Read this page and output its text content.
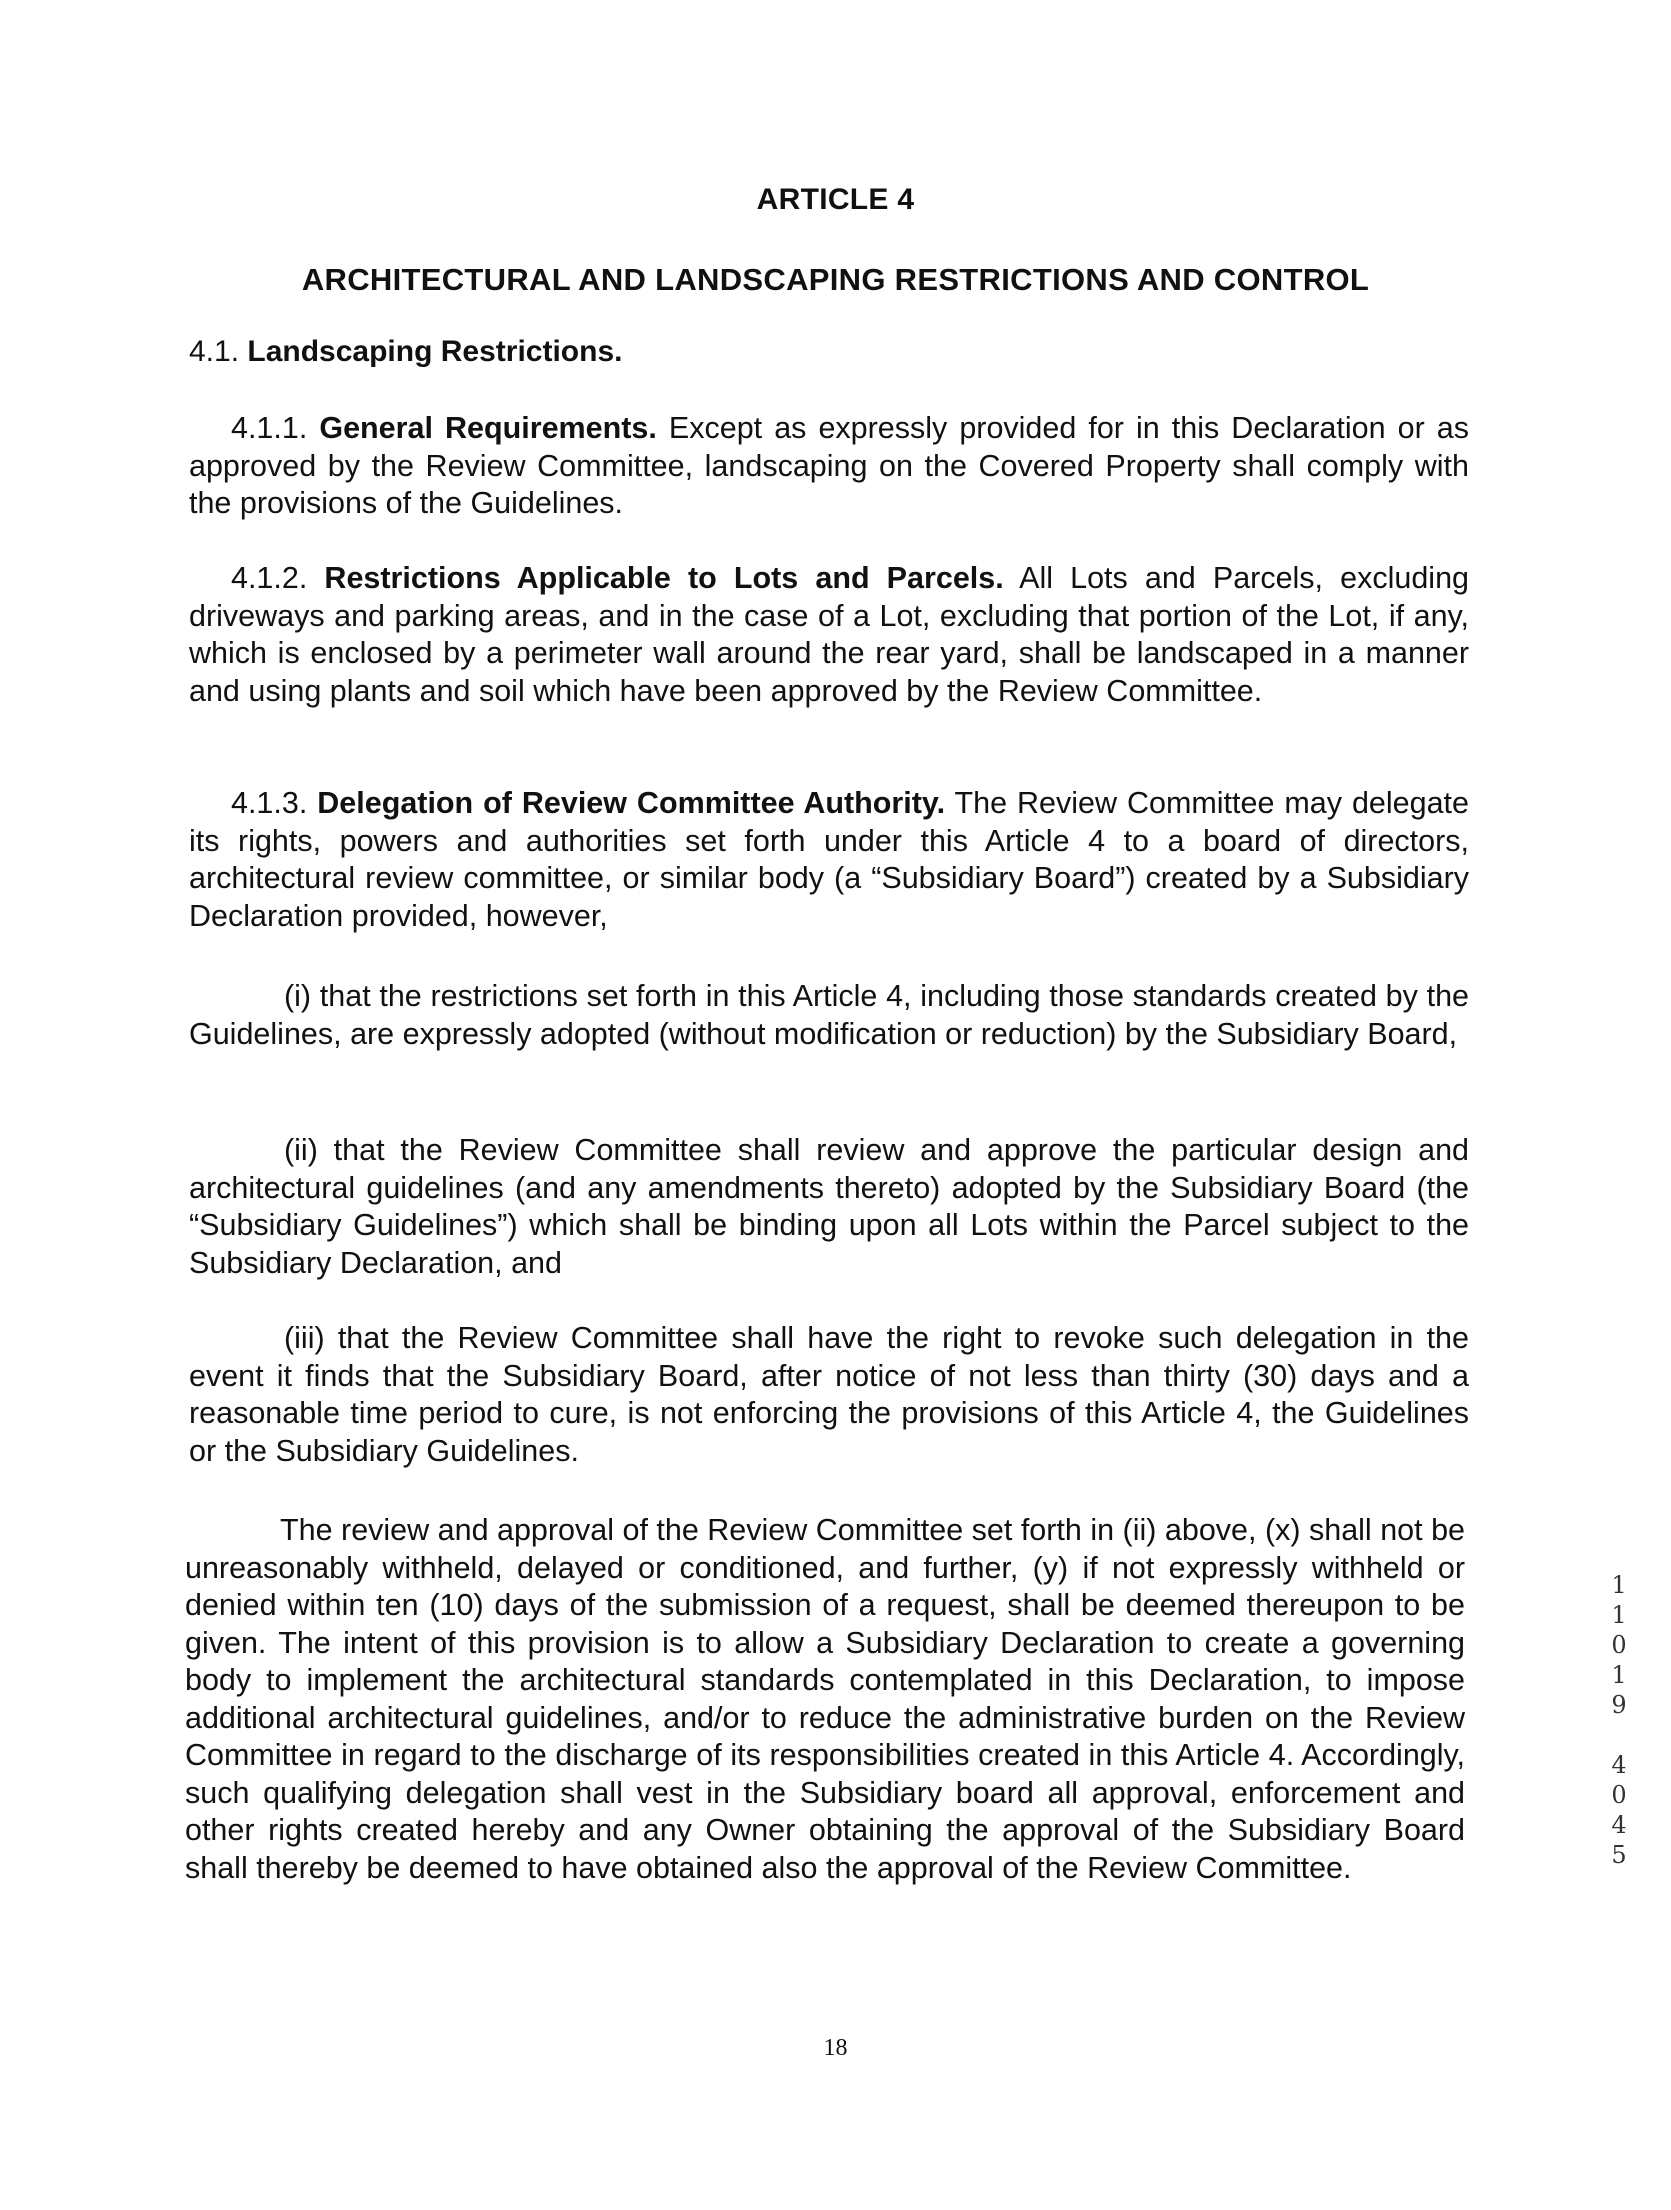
ARTICLE 4
ARCHITECTURAL AND LANDSCAPING RESTRICTIONS AND CONTROL
4.1. Landscaping Restrictions.
4.1.1. General Requirements. Except as expressly provided for in this Declaration or as approved by the Review Committee, landscaping on the Covered Property shall comply with the provisions of the Guidelines.
4.1.2. Restrictions Applicable to Lots and Parcels. All Lots and Parcels, excluding driveways and parking areas, and in the case of a Lot, excluding that portion of the Lot, if any, which is enclosed by a perimeter wall around the rear yard, shall be landscaped in a manner and using plants and soil which have been approved by the Review Committee.
4.1.3. Delegation of Review Committee Authority. The Review Committee may delegate its rights, powers and authorities set forth under this Article 4 to a board of directors, architectural review committee, or similar body (a “Subsidiary Board”) created by a Subsidiary Declaration provided, however,
(i) that the restrictions set forth in this Article 4, including those standards created by the Guidelines, are expressly adopted (without modification or reduction) by the Subsidiary Board,
(ii) that the Review Committee shall review and approve the particular design and architectural guidelines (and any amendments thereto) adopted by the Subsidiary Board (the “Subsidiary Guidelines”) which shall be binding upon all Lots within the Parcel subject to the Subsidiary Declaration, and
(iii) that the Review Committee shall have the right to revoke such delegation in the event it finds that the Subsidiary Board, after notice of not less than thirty (30) days and a reasonable time period to cure, is not enforcing the provisions of this Article 4, the Guidelines or the Subsidiary Guidelines.
The review and approval of the Review Committee set forth in (ii) above, (x) shall not be unreasonably withheld, delayed or conditioned, and further, (y) if not expressly withheld or denied within ten (10) days of the submission of a request, shall be deemed thereupon to be given. The intent of this provision is to allow a Subsidiary Declaration to create a governing body to implement the architectural standards contemplated in this Declaration, to impose additional architectural guidelines, and/or to reduce the administrative burden on the Review Committee in regard to the discharge of its responsibilities created in this Article 4. Accordingly, such qualifying delegation shall vest in the Subsidiary board all approval, enforcement and other rights created hereby and any Owner obtaining the approval of the Subsidiary Board shall thereby be deemed to have obtained also the approval of the Review Committee.
18
1
1
0
1
9
4
0
4
5
